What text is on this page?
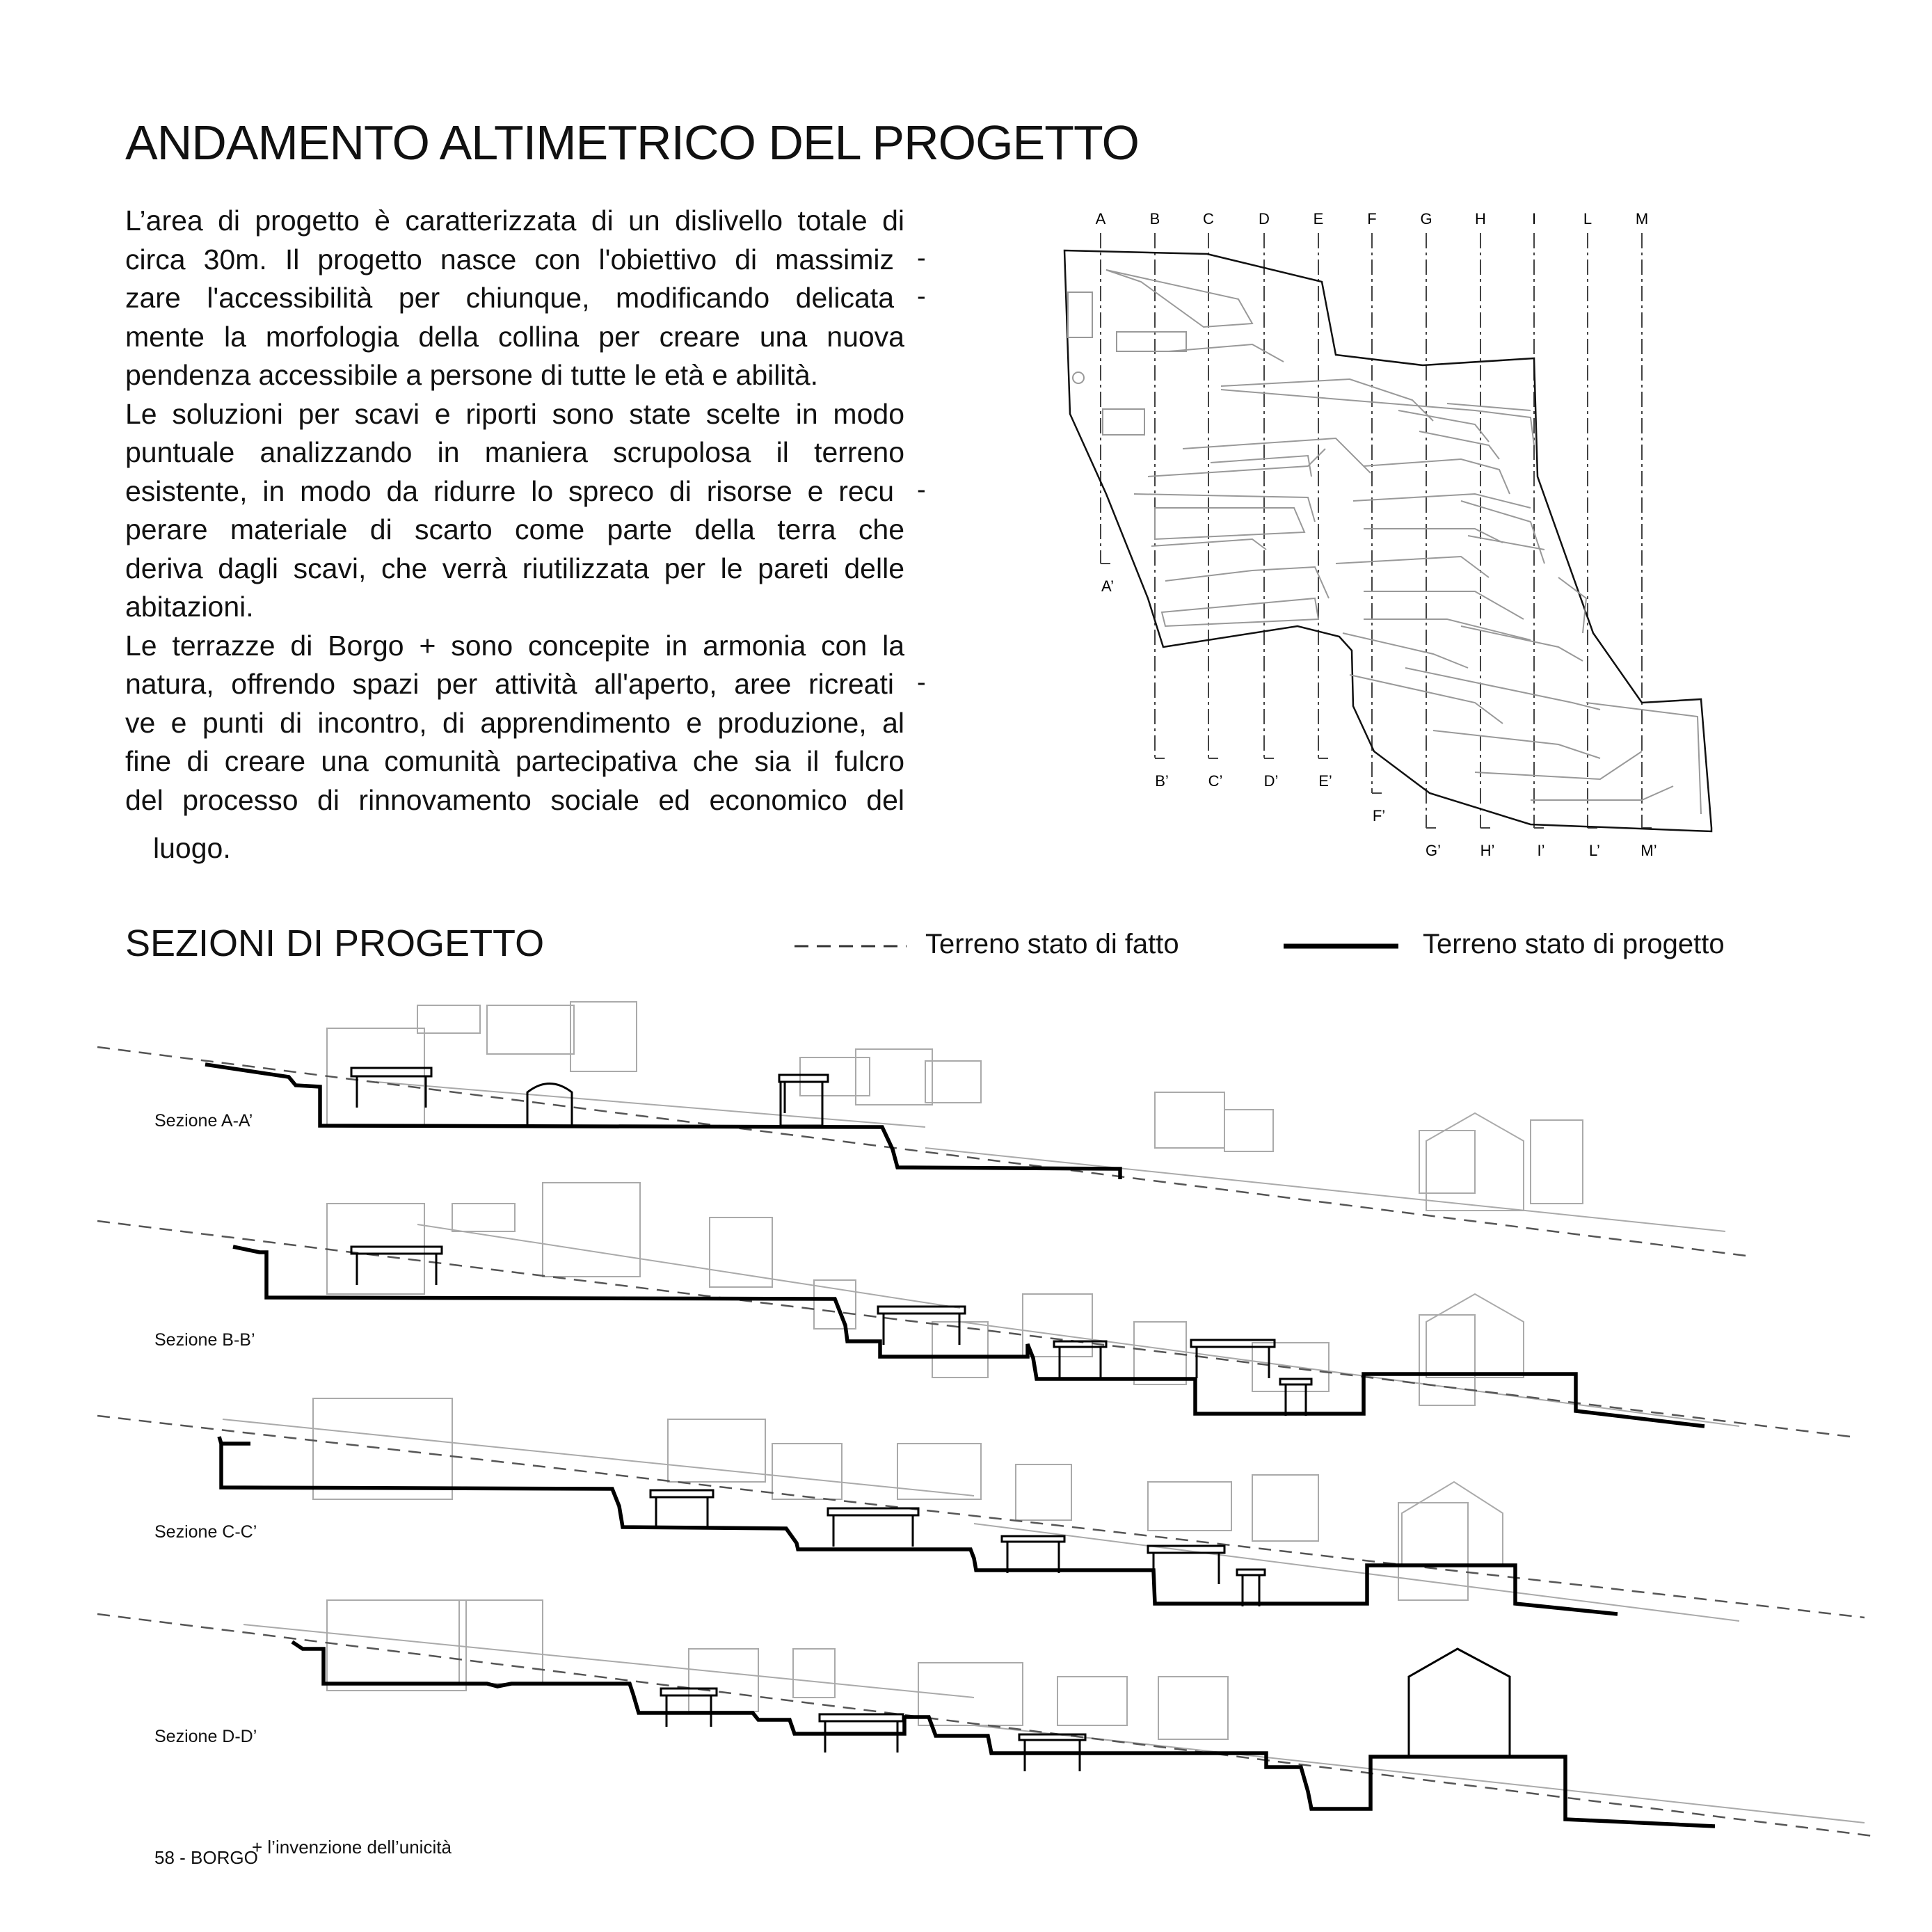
ANDAMENTO ALTIMETRICO DEL PROGETTO
L’area di progetto è caratterizzata di un dislivello totale di
circa 30m. Il progetto nasce con l'obiettivo di massimiz
zare l'accessibilità per chiunque, modificando delicata
mente la morfologia della collina per creare una nuova
pendenza accessibile a persone di tutte le età e abilità.
Le soluzioni per scavi e riporti sono state scelte in modo
puntuale analizzando in maniera scrupolosa il terreno
esistente, in modo da ridurre lo spreco di risorse e recu
perare materiale di scarto come parte della terra che
deriva dagli scavi, che verrà riutilizzata per le pareti delle
abitazioni.
Le terrazze di Borgo + sono concepite in armonia con la
natura, offrendo spazi per attività all'aperto, aree ricreati
ve e punti di incontro, di apprendimento e produzione, al
fine di creare una comunità partecipativa che sia il fulcro
del processo di rinnovamento sociale ed economico del
luogo.
-
-
-
-
SEZIONI DI PROGETTO	Terreno stato di fatto	Terreno stato di progetto
A
A’
B
B’
C
C’
D
D’
E
E’
F
F’
G
G’
H
H’
I
I’
L
L’
M
M’
Sezione A-A’
Sezione B-B’
Sezione C-C’
Sezione D-D’
58 - BORGO
+ l’invenzione dell’unicità
